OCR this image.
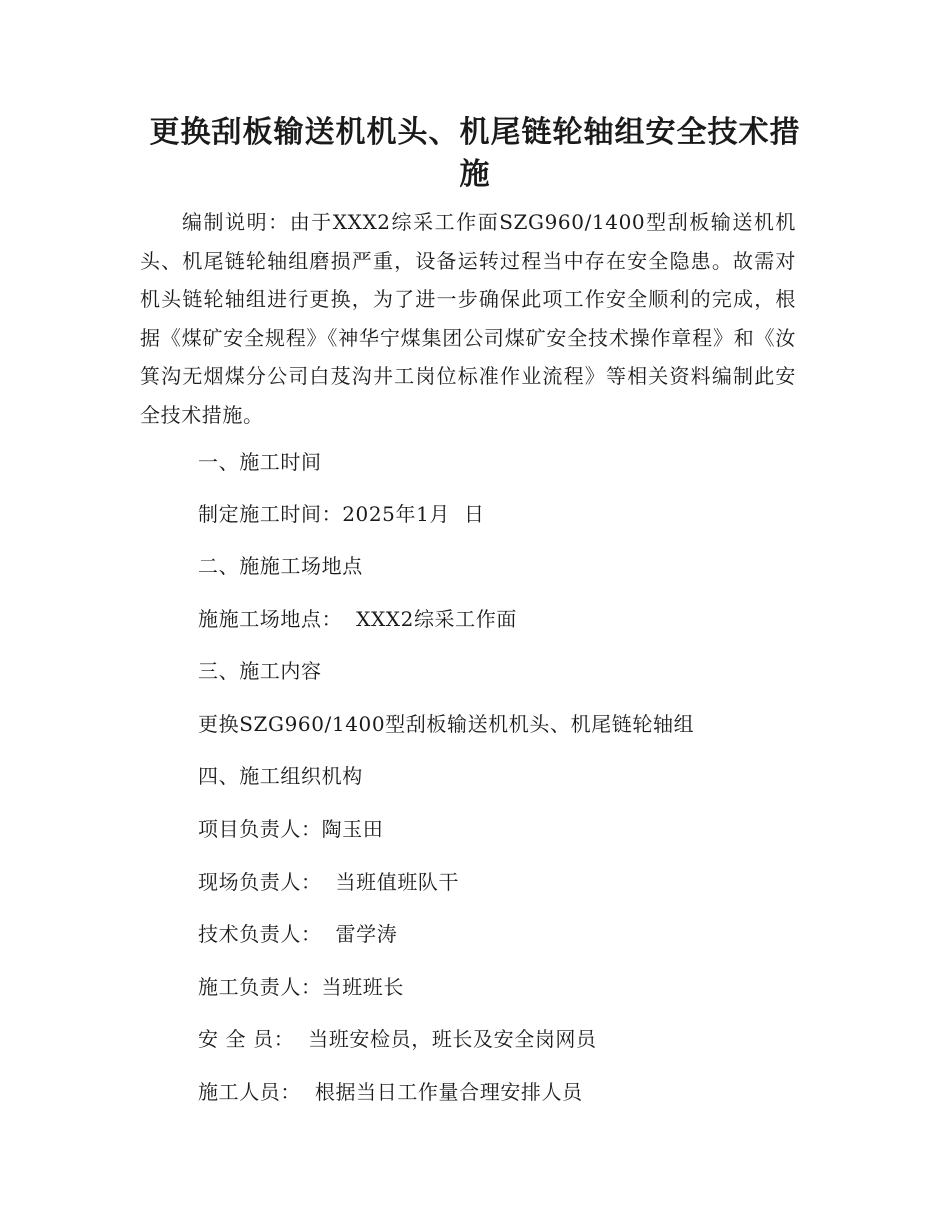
更换刮板输送机机头、机尾链轮轴组安全技术措施

编制说明：由于XXX2综采工作面SZG960/1400型刮板输送机机头、机尾链轮轴组磨损严重，设备运转过程当中存在安全隐患。故需对机头链轮轴组进行更换，为了进一步确保此项工作安全顺利的完成，根据《煤矿安全规程》《神华宁煤集团公司煤矿安全技术操作章程》和《汝箕沟无烟煤分公司白芨沟井工岗位标准作业流程》等相关资料编制此安全技术措施。

一、施工时间

制定施工时间：2025年1月  日

二、施施工场地点

施施工场地点：  XXX2综采工作面

三、施工内容

更换SZG960/1400型刮板输送机机头、机尾链轮轴组

四、施工组织机构

项目负责人：陶玉田

现场负责人：  当班值班队干

技术负责人：  雷学涛

施工负责人：当班班长

安 全 员：  当班安检员，班长及安全岗网员

施工人员：  根据当日工作量合理安排人员
